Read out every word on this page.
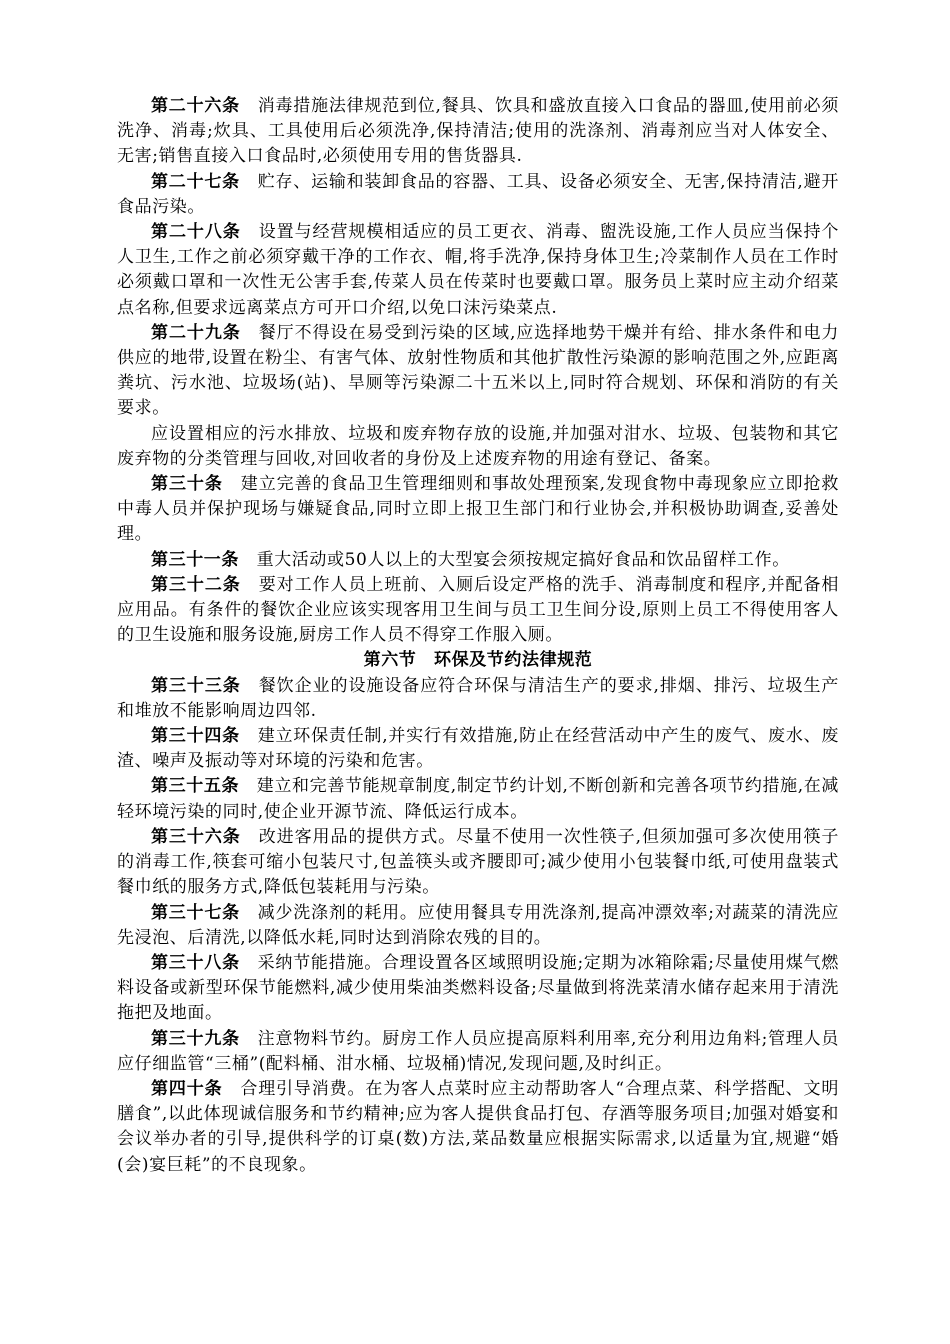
第二十六条　 消毒措施法律规范到位,餐具、饮具和盛放直接入口食品的器皿,使用前必须洗净、消毒;炊具、工具使用后必须洗净,保持清洁;使用的洗涤剂、消毒剂应当对人体安全、无害;销售直接入口食品时,必须使用专用的售货器具.

第二十七条　 贮存、运输和装卸食品的容器、工具、设备必须安全、无害,保持清洁,避开食品污染。

第二十八条　 设置与经营规模相适应的员工更衣、消毒、盥洗设施,工作人员应当保持个人卫生,工作之前必须穿戴干净的工作衣、帽,将手洗净,保持身体卫生;冷菜制作人员在工作时必须戴口罩和一次性无公害手套,传菜人员在传菜时也要戴口罩。服务员上菜时应主动介绍菜点名称,但要求远离菜点方可开口介绍,以免口沫污染菜点.

第二十九条　 餐厅不得设在易受到污染的区域,应选择地势干燥并有给、排水条件和电力供应的地带,设置在粉尘、有害气体、放射性物质和其他扩散性污染源的影响范围之外,应距离粪坑、污水池、垃圾场(站)、旱厕等污染源二十五米以上,同时符合规划、环保和消防的有关要求。

应设置相应的污水排放、垃圾和废弃物存放的设施,并加强对泔水、垃圾、包装物和其它废弃物的分类管理与回收,对回收者的身份及上述废弃物的用途有登记、备案。

第三十条　 建立完善的食品卫生管理细则和事故处理预案,发现食物中毒现象应立即抢救中毒人员并保护现场与嫌疑食品,同时立即上报卫生部门和行业协会,并积极协助调查,妥善处理。

第三十一条　 重大活动或50人以上的大型宴会须按规定搞好食品和饮品留样工作。

第三十二条　 要对工作人员上班前、入厕后设定严格的洗手、消毒制度和程序,并配备相应用品。有条件的餐饮企业应该实现客用卫生间与员工卫生间分设,原则上员工不得使用客人的卫生设施和服务设施,厨房工作人员不得穿工作服入厕。

第六节　环保及节约法律规范

第三十三条　 餐饮企业的设施设备应符合环保与清洁生产的要求,排烟、排污、垃圾生产和堆放不能影响周边四邻.

第三十四条　 建立环保责任制,并实行有效措施,防止在经营活动中产生的废气、废水、废渣、噪声及振动等对环境的污染和危害。

第三十五条　 建立和完善节能规章制度,制定节约计划,不断创新和完善各项节约措施,在减轻环境污染的同时,使企业开源节流、降低运行成本。

第三十六条　 改进客用品的提供方式。尽量不使用一次性筷子,但须加强可多次使用筷子的消毒工作,筷套可缩小包装尺寸,包盖筷头或齐腰即可;减少使用小包装餐巾纸,可使用盘装式餐巾纸的服务方式,降低包装耗用与污染。

第三十七条　 减少洗涤剂的耗用。应使用餐具专用洗涤剂,提高冲漂效率;对蔬菜的清洗应先浸泡、后清洗,以降低水耗,同时达到消除农残的目的。

第三十八条　 采纳节能措施。合理设置各区域照明设施;定期为冰箱除霜;尽量使用煤气燃料设备或新型环保节能燃料,减少使用柴油类燃料设备;尽量做到将洗菜清水储存起来用于清洗拖把及地面。

第三十九条　 注意物料节约。厨房工作人员应提高原料利用率,充分利用边角料;管理人员应仔细监管“三桶”(配料桶、泔水桶、垃圾桶)情况,发现问题,及时纠正。

第四十条　 合理引导消费。在为客人点菜时应主动帮助客人“合理点菜、科学搭配、文明膳食”,以此体现诚信服务和节约精神;应为客人提供食品打包、存酒等服务项目;加强对婚宴和会议举办者的引导,提供科学的订桌(数)方法,菜品数量应根据实际需求,以适量为宜,规避“婚(会)宴巨耗”的不良现象。
